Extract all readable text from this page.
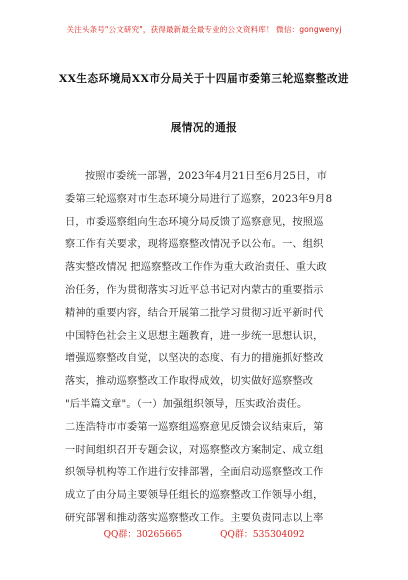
关注头条号"公文研究"，获得最新最全最专业的公文资料库！ 微信：gongwenyj
XX生态环境局XX市分局关于十四届市委第三轮巡察整改进
展情况的通报
按照市委统一部署，2023年4月21日至6月25日，市
委第三轮巡察对市生态环境分局进行了巡察，2023年9月8
日，市委巡察组向生态环境分局反馈了巡察意见，按照巡
察工作有关要求，现将巡察整改情况予以公布。一、组织
落实整改情况 把巡察整改工作作为重大政治责任、重大政
治任务，作为贯彻落实习近平总书记对内蒙古的重要指示
精神的重要内容，结合开展第二批学习贯彻习近平新时代
中国特色社会主义思想主题教育，进一步统一思想认识，
增强巡察整改自觉，以坚决的态度、有力的措施抓好整改
落实，推动巡察整改工作取得成效，切实做好巡察整改
"后半篇文章"。（一）加强组织领导，压实政治责任。
二连浩特市市委第一巡察组巡察意见反馈会议结束后，第
一时间组织召开专题会议，对巡察整改方案制定、成立组
织领导机构等工作进行安排部署，全面启动巡察整改工作
成立了由分局主要领导任组长的巡察整改工作领导小组，
研究部署和推动落实巡察整改工作。主要负责同志以上率
QQ群：30265665	QQ群：535304092
